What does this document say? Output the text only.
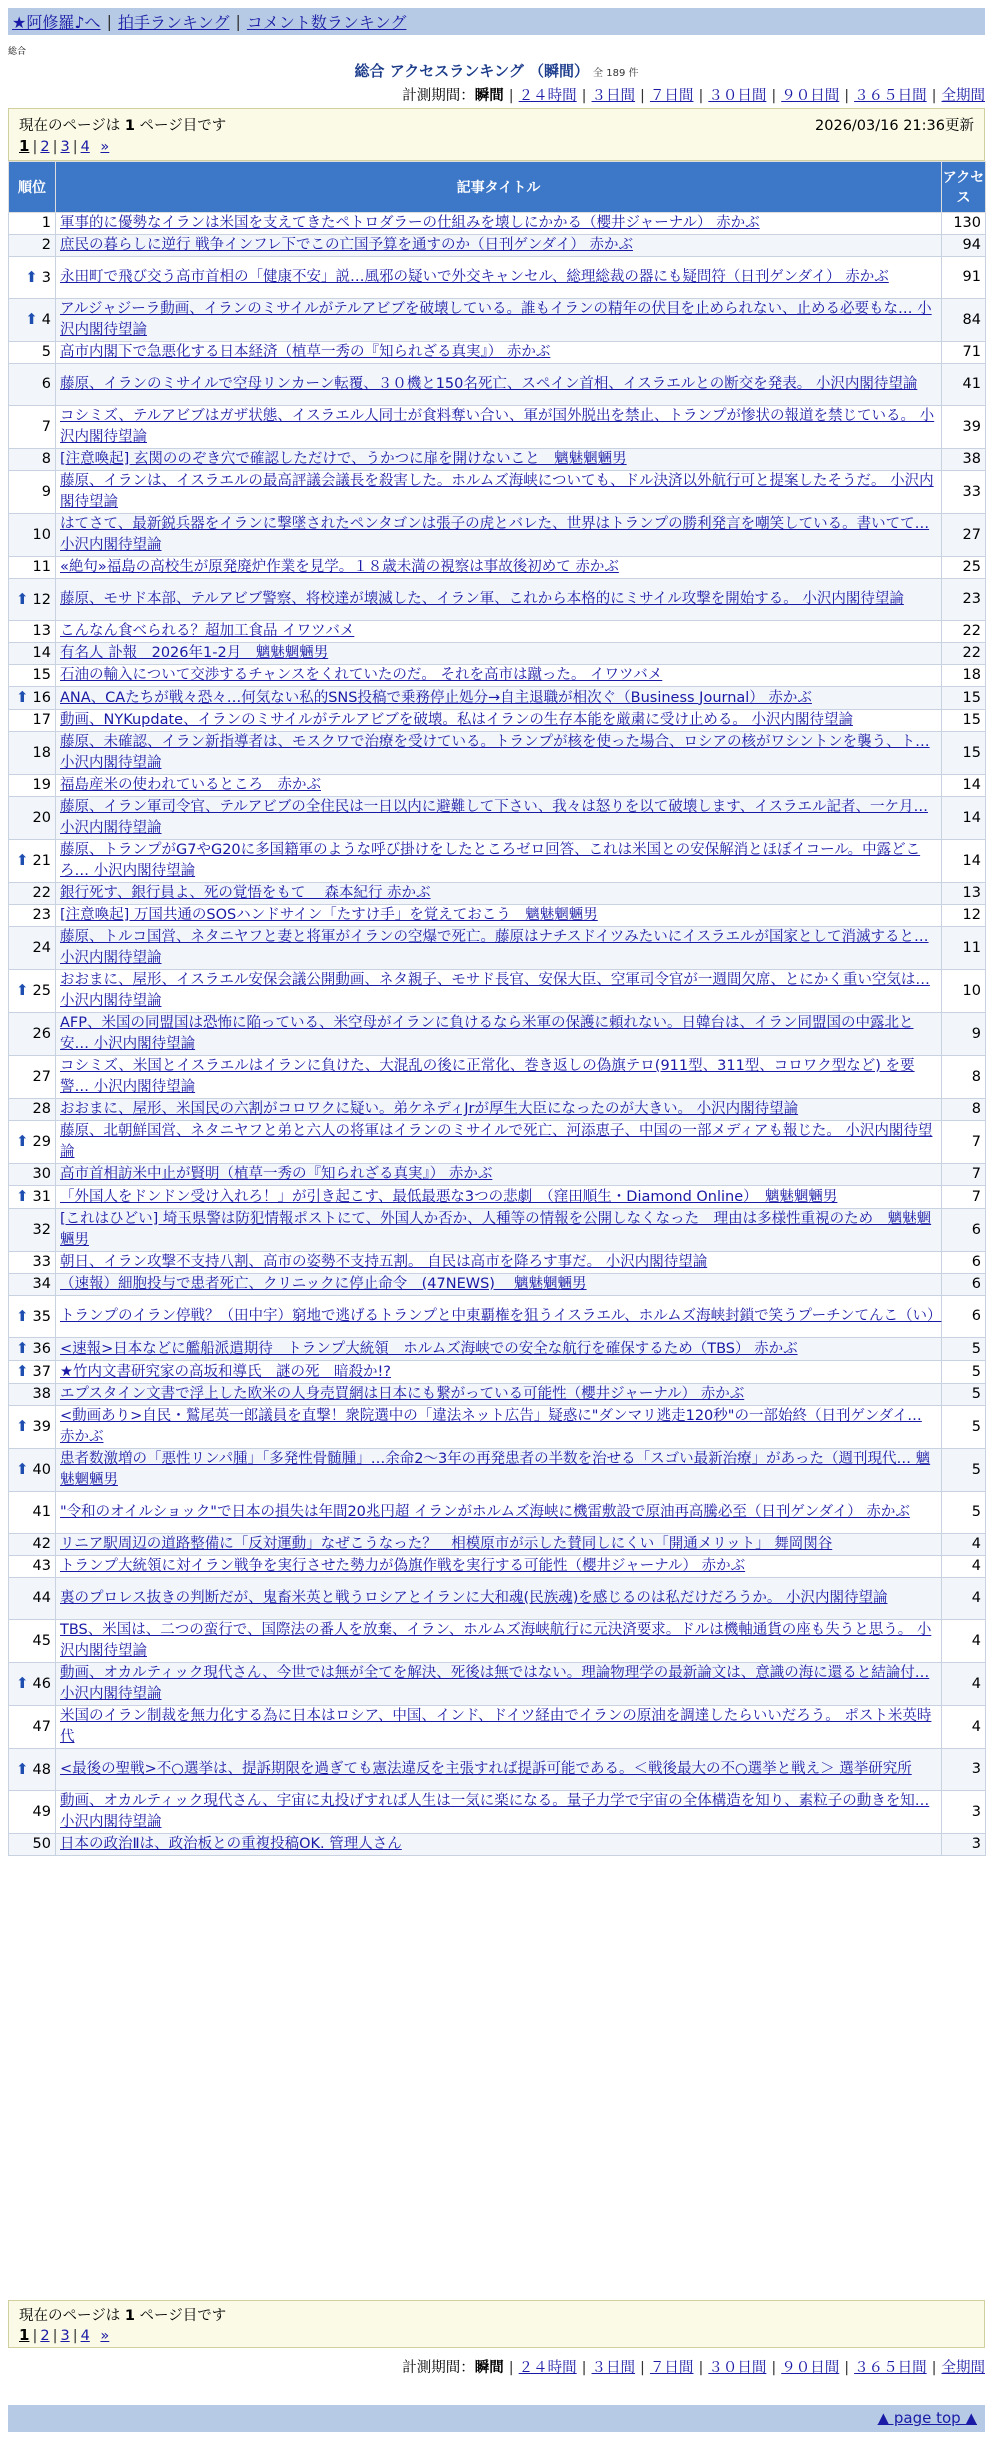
★阿修羅♪へ | 拍手ランキング | コメント数ランキング
総合
総合 アクセスランキング （瞬間） 全 189 件
計測期間：瞬間 | ２４時間 | ３日間 | ７日間 | ３０日間 | ９０日間 | ３６５日間 | 全期間
現在のページは 1 ページ目です	2026/03/16 21:36更新
1 | 2 | 3 | 4 »
順位	記事タイトル	アクセス
1	軍事的に優勢なイランは米国を支えてきたペトロダラーの仕組みを壊しにかかる（櫻井ジャーナル） 赤かぶ	130
2	庶民の暮らしに逆行 戦争インフレ下でこの亡国予算を通すのか（日刊ゲンダイ） 赤かぶ	94
⬆ 3	永田町で飛び交う高市首相の「健康不安」説…風邪の疑いで外交キャンセル、総理総裁の器にも疑問符（日刊ゲンダイ） 赤かぶ	91
⬆ 4	アルジャジーラ動画、イランのミサイルがテルアビブを破壊している。誰もイランの精年の伏目を止められない、止める必要もな… 小沢内閣待望論	84
5	高市内閣下で急悪化する日本経済（植草一秀の『知られざる真実』） 赤かぶ	71
6	藤原、イランのミサイルで空母リンカーン転覆、３０機と150名死亡、スペイン首相、イスラエルとの断交を発表。 小沢内閣待望論	41
7	コシミズ、テルアビブはガザ状態、イスラエル人同士が食料奪い合い、軍が国外脱出を禁止、トランプが惨状の報道を禁じている。 小沢内閣待望論	39
8	[注意喚起] 玄関ののぞき穴で確認しただけで、うかつに扉を開けないこと　魑魅魍魎男	38
9	藤原、イランは、イスラエルの最高評議会議長を殺害した。ホルムズ海峡についても、ドル決済以外航行可と提案したそうだ。 小沢内閣待望論	33
10	はてさて、最新鋭兵器をイランに撃墜されたペンタゴンは張子の虎とバレた、世界はトランプの勝利発言を嘲笑している。書いてて… 小沢内閣待望論	27
11	«絶句»福島の高校生が原発廃炉作業を見学。１８歳未満の視察は事故後初めて 赤かぶ	25
⬆ 12	藤原、モサド本部、テルアビブ警察、将校達が壊滅した、イラン軍、これから本格的にミサイル攻撃を開始する。 小沢内閣待望論	23
13	こんなん食べられる？超加工食品 イワツバメ	22
14	有名人 訃報　2026年1-2月　魑魅魍魎男	22
15	石油の輸入について交渉するチャンスをくれていたのだ。 それを高市は蹴った。 イワツバメ	18
⬆ 16	ANA、CAたちが戦々恐々…何気ない私的SNS投稿で乗務停止処分→自主退職が相次ぐ（Business Journal） 赤かぶ	15
17	動画、NYKupdate、イランのミサイルがテルアビブを破壊。私はイランの生存本能を厳粛に受け止める。 小沢内閣待望論	15
18	藤原、未確認、イラン新指導者は、モスクワで治療を受けている。トランプが核を使った場合、ロシアの核がワシントンを襲う、ト… 小沢内閣待望論	15
19	福島産米の使われているところ　赤かぶ	14
20	藤原、イラン軍司令官、テルアビブの全住民は一日以内に避難して下さい、我々は怒りを以て破壊します、イスラエル記者、一ケ月… 小沢内閣待望論	14
⬆ 21	藤原、トランプがG7やG20に多国籍軍のような呼び掛けをしたところゼロ回答、これは米国との安保解消とほぼイコール。中露どころ… 小沢内閣待望論	14
22	銀行死す、銀行員よ、死の覚悟をもて　 森本紀行 赤かぶ	13
23	[注意喚起] 万国共通のSOSハンドサイン「たすけ手」を覚えておこう　魑魅魍魎男	12
24	藤原、トルコ国営、ネタニヤフと妻と将軍がイランの空爆で死亡。藤原はナチスドイツみたいにイスラエルが国家として消滅すると… 小沢内閣待望論	11
⬆ 25	おおまに、屋形、イスラエル安保会議公開動画、ネタ親子、モサド長官、安保大臣、空軍司令官が一週間欠席、とにかく重い空気は… 小沢内閣待望論	10
26	AFP、米国の同盟国は恐怖に陥っている、米空母がイランに負けるなら米軍の保護に頼れない。日韓台は、イラン同盟国の中露北と安… 小沢内閣待望論	9
27	コシミズ、米国とイスラエルはイランに負けた、大混乱の後に正常化、巻き返しの偽旗テロ(911型、311型、コロワク型など) を要警… 小沢内閣待望論	8
28	おおまに、屋形、米国民の六割がコロワクに疑い。弟ケネディJrが厚生大臣になったのが大きい。 小沢内閣待望論	8
⬆ 29	藤原、北朝鮮国営、ネタニヤフと弟と六人の将軍はイランのミサイルで死亡、河添恵子、中国の一部メディアも報じた。 小沢内閣待望論	7
30	高市首相訪米中止が賢明（植草一秀の『知られざる真実』） 赤かぶ	7
⬆ 31	「外国人をドンドン受け入れろ！」が引き起こす、最低最悪な3つの悲劇　（窪田順生・Diamond Online）　魑魅魍魎男	7
32	[これはひどい] 埼玉県警は防犯情報ポストにて、外国人か否か、人種等の情報を公開しなくなった　理由は多様性重視のため　魑魅魍魎男	6
33	朝日、イラン攻撃不支持八割、高市の姿勢不支持五割。 自民は高市を降ろす事だ。 小沢内閣待望論	6
34	（速報）細胞投与で患者死亡、クリニックに停止命令　(47NEWS)　 魑魅魍魎男	6
⬆ 35	トランプのイラン停戦？（田中宇）窮地で逃げるトランプと中東覇権を狙うイスラエル、ホルムズ海峡封鎖で笑うプーチンてんこ（い）	6
⬆ 36	<速報>日本などに艦船派遣期待　トランプ大統領　ホルムズ海峡での安全な航行を確保するため（TBS） 赤かぶ	5
⬆ 37	★竹内文書研究家の高坂和導氏　謎の死　暗殺か!?	5
38	エプスタイン文書で浮上した欧米の人身売買網は日本にも繋がっている可能性（櫻井ジャーナル） 赤かぶ	5
⬆ 39	<動画あり>自民・鷲尾英一郎議員を直撃！衆院選中の「違法ネット広告」疑惑に"ダンマリ逃走120秒"の一部始終（日刊ゲンダイ… 赤かぶ	5
⬆ 40	患者数激増の「悪性リンパ腫」「多発性骨髄腫」…余命2〜3年の再発患者の半数を治せる「スゴい最新治療」があった（週刊現代… 魑魅魍魎男	5
41	"令和のオイルショック"で日本の損失は年間20兆円超 イランがホルムズ海峡に機雷敷設で原油再高騰必至（日刊ゲンダイ） 赤かぶ	5
42	リニア駅周辺の道路整備に「反対運動」なぜこうなった？　相模原市が示した賛同しにくい「開通メリット」 舞岡関谷	4
43	トランプ大統領に対イラン戦争を実行させた勢力が偽旗作戦を実行する可能性（櫻井ジャーナル） 赤かぶ	4
44	裏のプロレス抜きの判断だが、鬼畜米英と戦うロシアとイランに大和魂(民族魂)を感じるのは私だけだろうか。 小沢内閣待望論	4
45	TBS、米国は、二つの蛮行で、国際法の番人を放棄、イラン、ホルムズ海峡航行に元決済要求。ドルは機軸通貨の座も失うと思う。 小沢内閣待望論	4
⬆ 46	動画、オカルティック現代さん、今世では無が全てを解決、死後は無ではない。理論物理学の最新論文は、意識の海に還ると結論付… 小沢内閣待望論	4
47	米国のイラン制裁を無力化する為に日本はロシア、中国、インド、ドイツ経由でイランの原油を調達したらいいだろう。 ポスト米英時代	4
⬆ 48	<最後の聖戦>不○選挙は、提訴期限を過ぎても憲法違反を主張すれば提訴可能である。＜戦後最大の不○選挙と戦え＞ 選挙研究所	3
49	動画、オカルティック現代さん、宇宙に丸投げすれば人生は一気に楽になる。量子力学で宇宙の全体構造を知り、素粒子の動きを知… 小沢内閣待望論	3
50	日本の政治Ⅱは、政治板との重複投稿OK. 管理人さん	3
現在のページは 1 ページ目です
1 | 2 | 3 | 4 »
計測期間：瞬間 | ２４時間 | ３日間 | ７日間 | ３０日間 | ９０日間 | ３６５日間 | 全期間
▲ page top ▲
